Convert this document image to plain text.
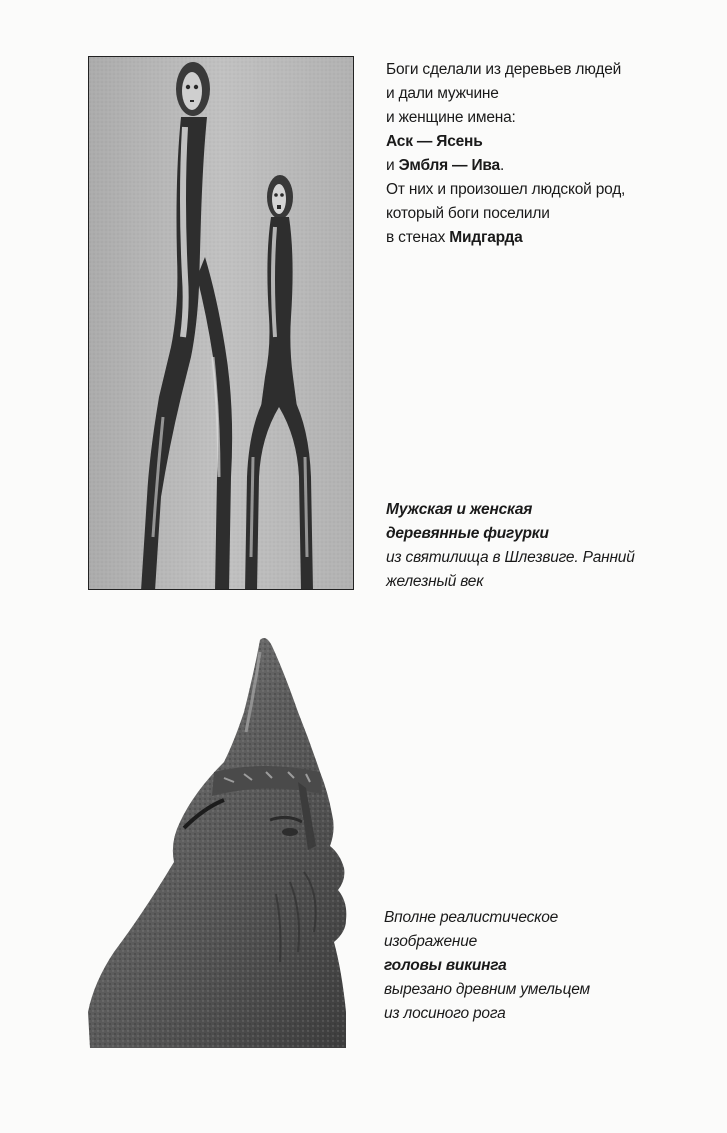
Боги сделали из деревьев людей
и дали мужчине
и женщине имена:
Аск — Ясень
и Эмбля — Ива.
От них и произошел людской род,
который боги поселили
в стенах Мидгарда
Мужская и женская
деревянные фигурки
из святилища в Шлезвиге. Ранний
железный век
Вполне реалистическое
изображение
головы викинга
вырезано древним умельцем
из лосиного рога
